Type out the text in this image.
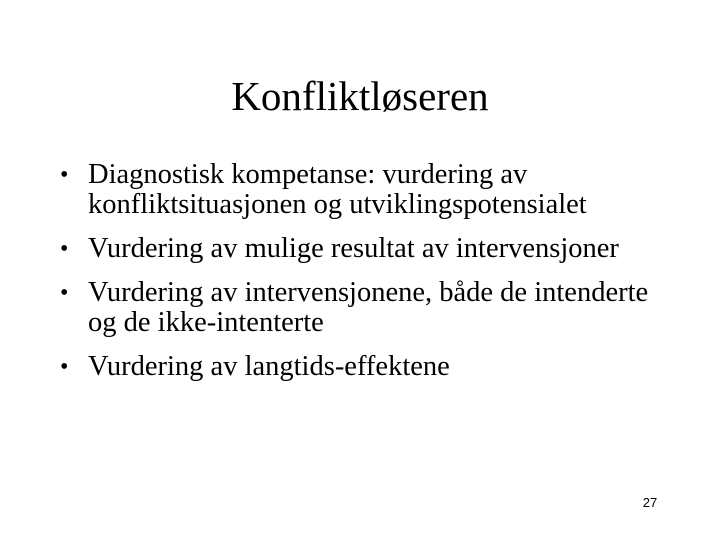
Konfliktløseren
• Diagnostisk kompetanse: vurdering av konfliktsituasjonen og utviklingspotensialet
• Vurdering av mulige resultat av intervensjoner
• Vurdering av intervensjonene, både de intenderte og de ikke-intenterte
• Vurdering av langtids-effektene
27
